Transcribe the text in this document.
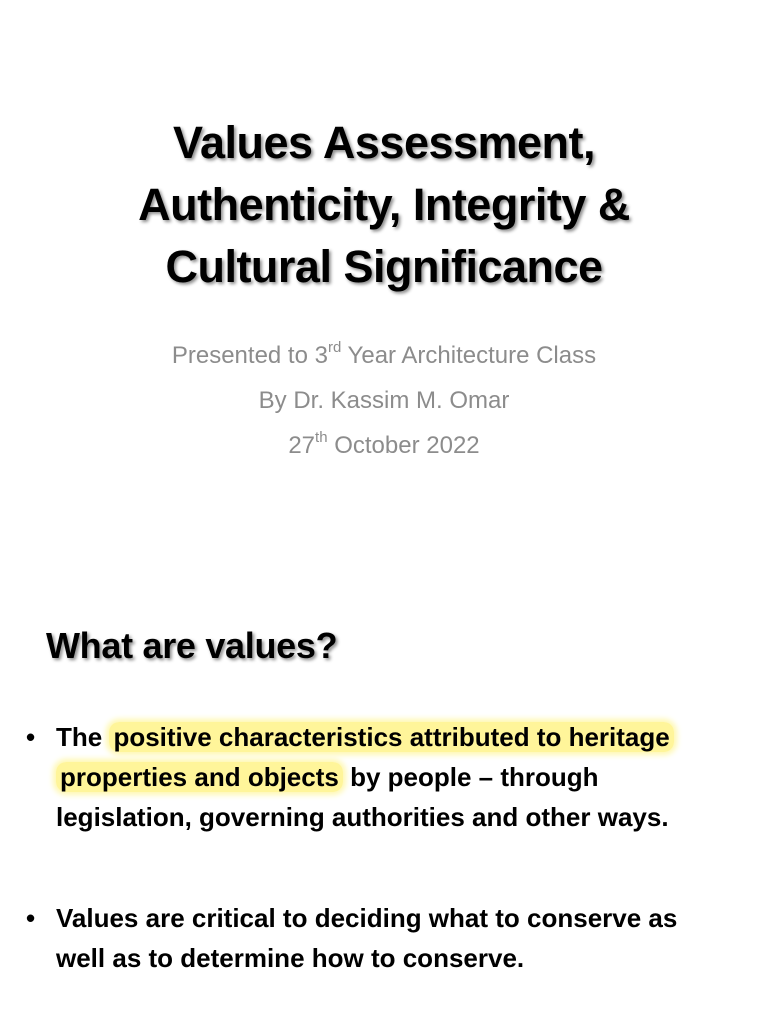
Values Assessment,
Authenticity, Integrity &
Cultural Significance
Presented to 3rd Year Architecture Class
By Dr. Kassim M. Omar
27th October 2022
What are values?
• The positive characteristics attributed to heritage
properties and objects by people – through
legislation, governing authorities and other ways.
• Values are critical to deciding what to conserve as
well as to determine how to conserve.
